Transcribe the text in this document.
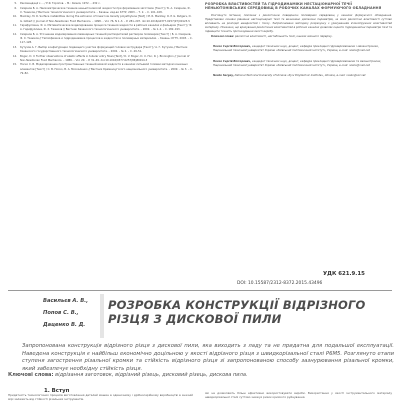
5.	Рекомендації з ... / Р.Я. Торопов. – М.: Химия, 1972. – 432 с.
6.	Смирнов Б. А. Неизометрическое течение неньютоновской жидкости при формовании заготовок [Текст] / Б. А. Смирнов, Ф. Х. Тазюков // Вестник технологического университета. – Казань: изд-во КГТУ, 2003. – Т. 2. – С. 101–108.
10.	Mackley, M. R. Surface instabilities during the extrusion of linear low density polyethylene [Text] / M. R. Mackley, R. P. G. Rutgers, D. G. Gilbert // Journal of Non-Newtonian Fluid Mechanics. – 1998. – Vol. 76, N 1–3. – P. 281–297. doi:10.1016/s0377-0257(97)00123-5
11.	Гарифуллина, Ф. А. Математическое моделирование процесса течения жидкости в рабочих каналах и фильерах [Текст] / Ф. А. Гарифуллина, Ф. Х. Тазюков // Вестник Казанского технологического университета. – 2002. – № 1–2. – С. 182–193.
12.	Смирнов Б. А. Уточнение моделирования ламинарных течений растворителей растворов полимеров [Текст] / Б. А. Смирнов, Ф. Х. Тазюков // Теплофизика и гидродинамика процессов в жидкостях и полимерных материалах. – Казань: КГТУ, 2003. – С. 117–128.
13.	Кутузов А. Г. Выбор конфигурации подающего участка формующей головки экструдера [Текст] / А. Г. Кутузов // Вестник Казанского государственного технологического университета. – 2002. – № 2. – С. 49–51.
14.	Boger, D. V. Further observations of elastic effects in tubular entry flows [Text] / D. V. Boger, D. U. Hur, R. J. Binnington // Journal of Non-Newtonian Fluid Mechanics. – 1986. – Vol. 20. – P. 31–49. doi:10.1016/0377-0257(86)80014-3
15.	Носко С. В. Моделирование пространственных течений вязкой жидкости в каналах литьевой головки методом конечных элементов [Текст] / С. В. Носко, В. А. Москаленко // Вестник Кременчугского национального университета. – 2009. – № 3. – С. 79–82.
РОЗРОБКА ВЛАСТИВОСТЕЙ ТА ГІДРОДИНАМІКИ НЕСТАЦІОНАРНОЇ ТЕЧІЇ НЕНЬЮТОНІВСЬКИХ СЕРЕДОВИЩ В РОБОЧИХ КАНАЛАХ ФОРМУЮЧОГО ОБЛАДНАННЯ
Розглянуто питання, пов'язані з реологічною поведінкою полімерних середовищ у каналах формуючого обладнання. Представлені основні рівняння нестаціонарної течії та визначено діапазони параметрів, за яких реологічні властивості суттєво впливають на розподіл швидкостей і тиску. Запропоновано методику розрахунку з урахуванням в'язкопружних властивостей матеріалу. Показано, що врахування реологічних властивостей в робочих каналах дозволяє оцінити гідродинамічні параметри течії та підвищити точність прогнозування якості виробу.
Ключові слова: реологічні властивості, нестабільність течії, канали змінного перерізу.

Носко Сергій Вікторович, кандидат технічних наук, доцент, кафедра прикладної гідроаеромеханіки і механотроніки, Національний технічний університет України «Київський політехнічний інститут», Україна, e-mail: nosko@mail.net

Носко Сергій Вікторович, кандидат технічних наук, доцент, кафедра прикладної гідроаеромеханіки та механотроніки, Національний технічний університет України «Київський політехнічний інститут», Україна, e-mail: nosko@mail.net

Nosko Sergey, National Technical University of Ukraine «Kyiv Polytechnic Institute», Ukraine, e-mail: nosko@ukr.net

УДК 621.9.15
DOI: 10.15587/2312-8372.2015.43496
Васильєв А. В.,
Попов С. В.,
Даценко В. Д.
РОЗРОБКА КОНСТРУКЦІЇ ВІДРІЗНОГО РІЗЦЯ З ДИСКОВОЇ ПИЛИ
Запропонована конструкція відрізного різця з дискової пили, яка виходить з ладу та не придатна для подальшої експлуатації. Наведена конструкція є найбільш економічно доцільною у якості відрізного різця з швидкорізальної сталі Р6М5. Розглянуто етапи ступеня загострення різальної кромки та стійкість відрізного різця зі запропонованою способу зазнурювання різальної кромки, який забезпечує необхідну стійкість різця.
Ключові слова: відрізання заготовок, відрізний різець, дисковий різець, дискова пила.
1. Вступ
Придатність технологічних процесів виготовлення деталей машин в одиничному і дрібносерійному виробництві в значній мірі залежить від стійкості різальних інструментів.
які не дозволяють більш ефективно використовувати вироби. Використання у якості інструментального матеріалу швидкорізальної сталі суттєво знижує ризик крихкого руйнування.
